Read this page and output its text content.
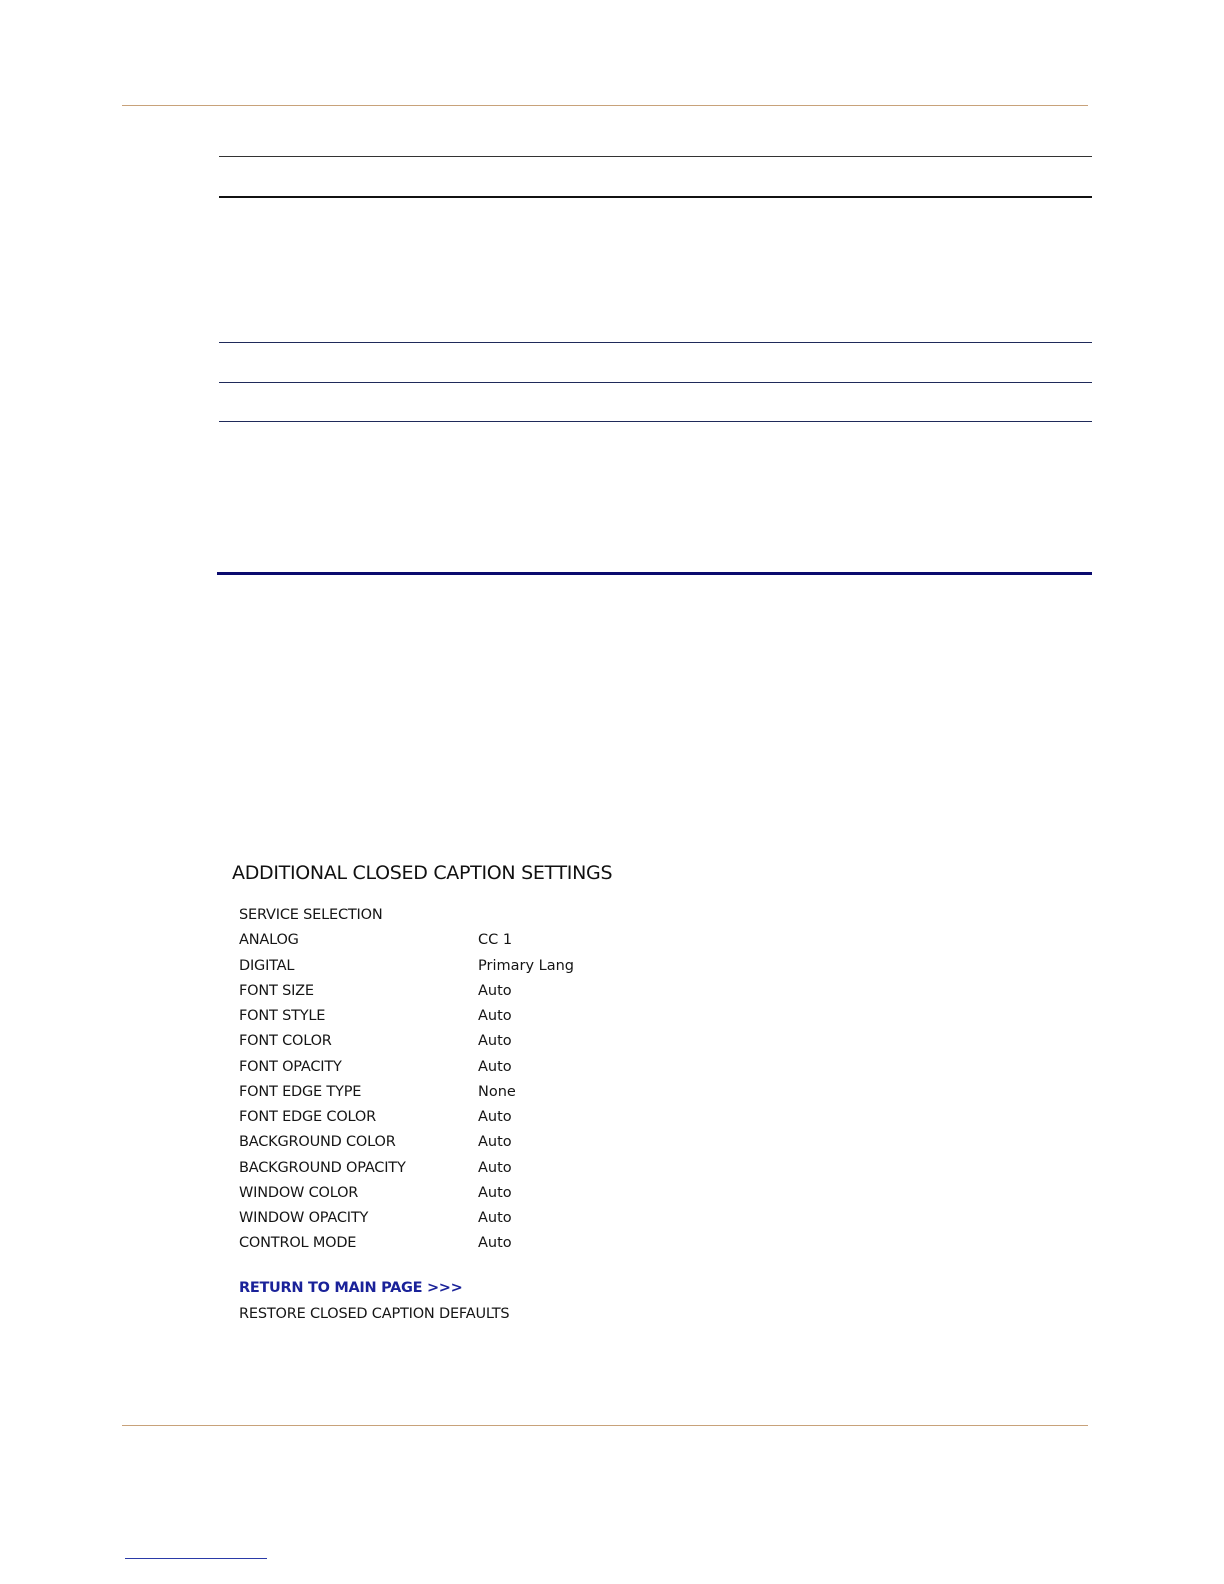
ADDITIONAL CLOSED CAPTION SETTINGS
SERVICE SELECTION
ANALOG	CC 1
DIGITAL	Primary Lang
FONT SIZE	Auto
FONT STYLE	Auto
FONT COLOR	Auto
FONT OPACITY	Auto
FONT EDGE TYPE	None
FONT EDGE COLOR	Auto
BACKGROUND COLOR	Auto
BACKGROUND OPACITY	Auto
WINDOW COLOR	Auto
WINDOW OPACITY	Auto
CONTROL MODE	Auto
RETURN TO MAIN PAGE >>>
RESTORE CLOSED CAPTION DEFAULTS
